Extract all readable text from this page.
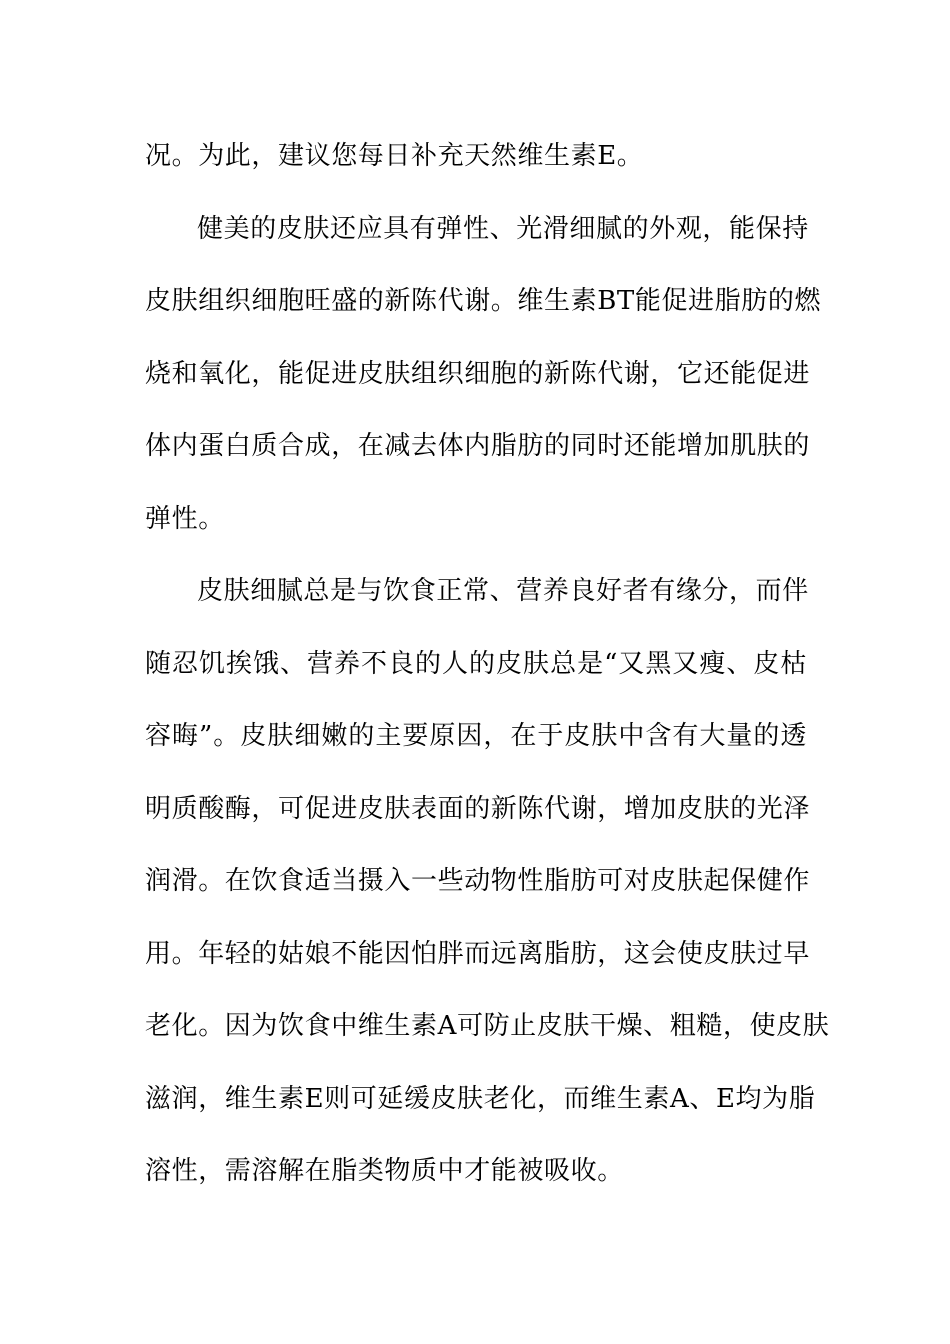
况。为此，建议您每日补充天然维生素E。
健美的皮肤还应具有弹性、光滑细腻的外观，能保持
皮肤组织细胞旺盛的新陈代谢。维生素BT能促进脂肪的燃
烧和氧化，能促进皮肤组织细胞的新陈代谢，它还能促进
体内蛋白质合成，在减去体内脂肪的同时还能增加肌肤的
弹性。
皮肤细腻总是与饮食正常、营养良好者有缘分，而伴
随忍饥挨饿、营养不良的人的皮肤总是“又黑又瘦、皮枯
容晦”。皮肤细嫩的主要原因，在于皮肤中含有大量的透
明质酸酶，可促进皮肤表面的新陈代谢，增加皮肤的光泽
润滑。在饮食适当摄入一些动物性脂肪可对皮肤起保健作
用。年轻的姑娘不能因怕胖而远离脂肪，这会使皮肤过早
老化。因为饮食中维生素A可防止皮肤干燥、粗糙，使皮肤
滋润，维生素E则可延缓皮肤老化，而维生素A、E均为脂
溶性，需溶解在脂类物质中才能被吸收。
